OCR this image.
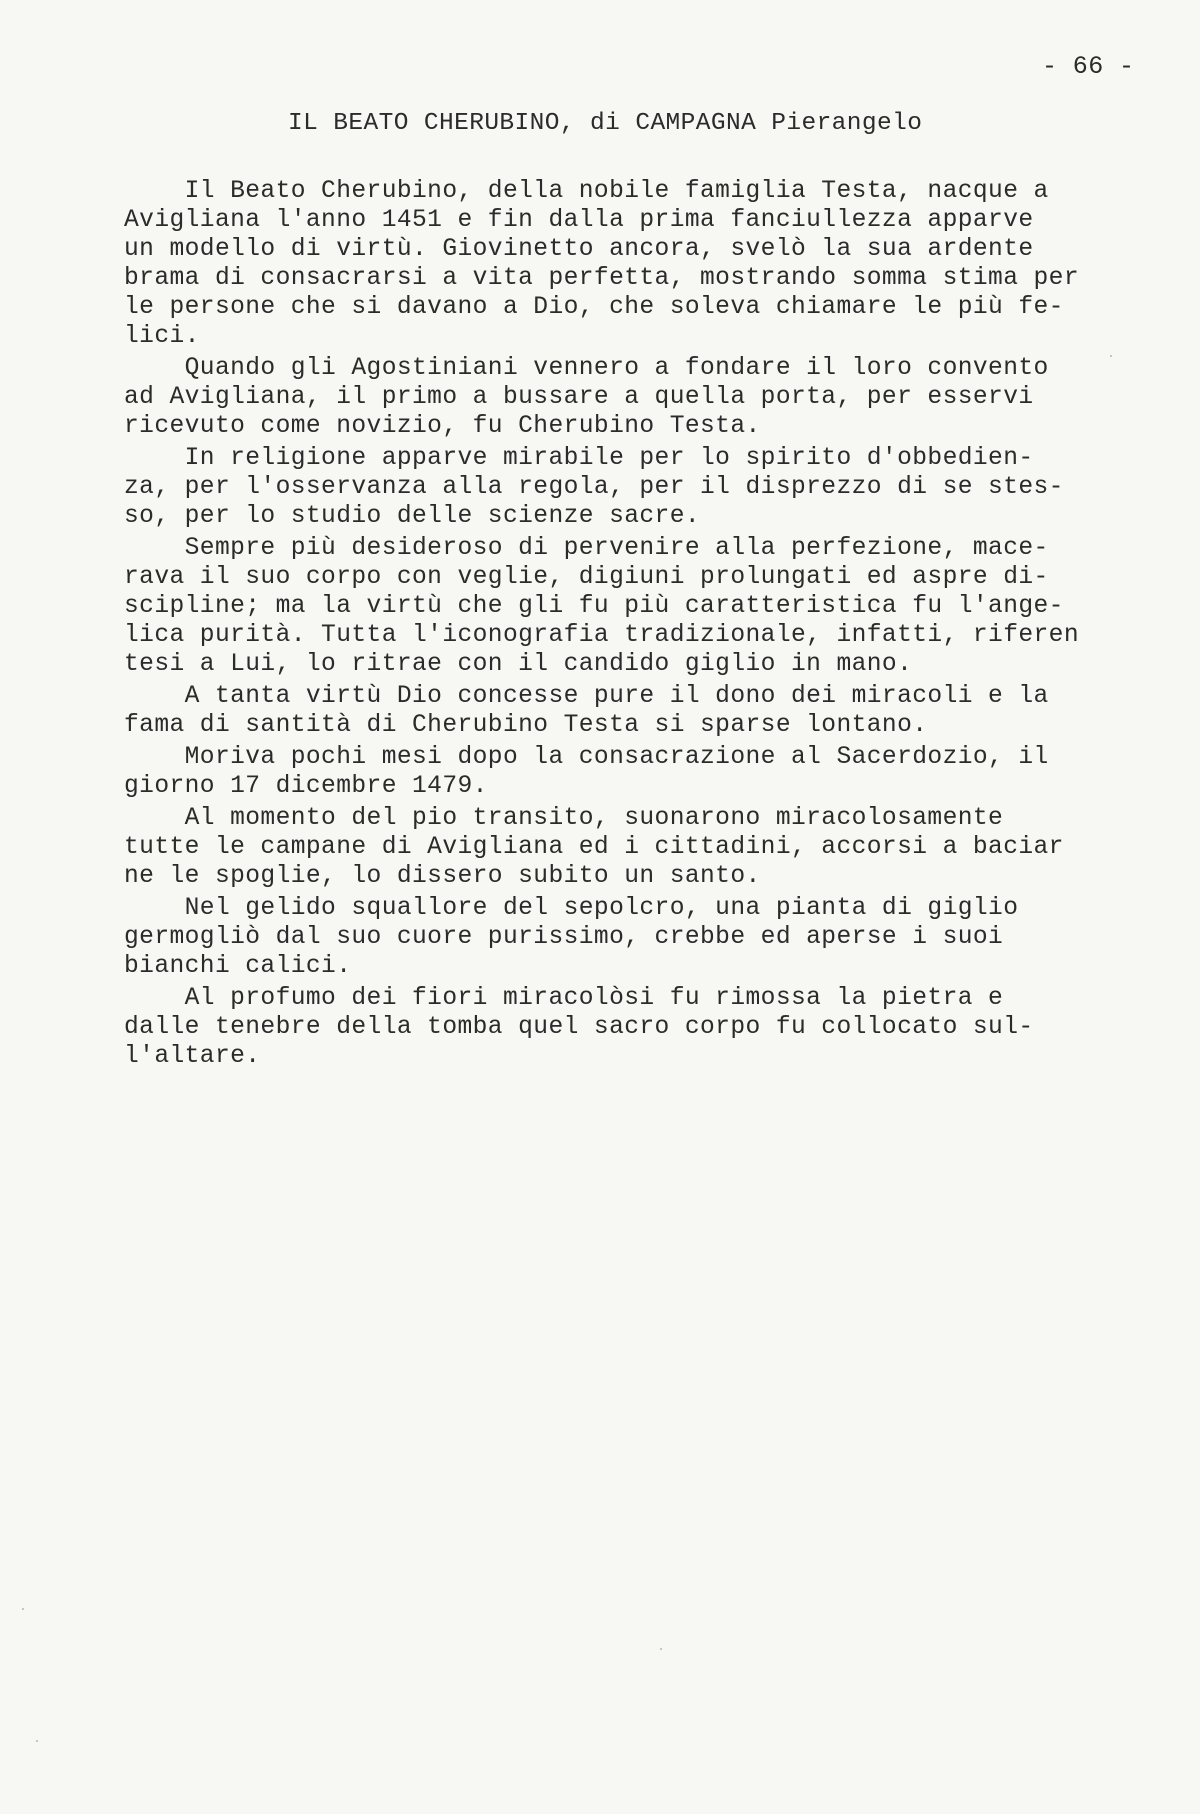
- 66 -
IL BEATO CHERUBINO, di CAMPAGNA Pierangelo
Il Beato Cherubino, della nobile famiglia Testa, nacque a
Avigliana l'anno 1451 e fin dalla prima fanciullezza apparve
un modello di virtù. Giovinetto ancora, svelò la sua ardente
brama di consacrarsi a vita perfetta, mostrando somma stima per
le persone che si davano a Dio, che soleva chiamare le più fe-
lici.
Quando gli Agostiniani vennero a fondare il loro convento
ad Avigliana, il primo a bussare a quella porta, per esservi
ricevuto come novizio, fu Cherubino Testa.
In religione apparve mirabile per lo spirito d'obbedien-
za, per l'osservanza alla regola, per il disprezzo di se stes-
so, per lo studio delle scienze sacre.
Sempre più desideroso di pervenire alla perfezione, mace-
rava il suo corpo con veglie, digiuni prolungati ed aspre di-
scipline; ma la virtù che gli fu più caratteristica fu l'ange-
lica purità. Tutta l'iconografia tradizionale, infatti, riferen
tesi a Lui, lo ritrae con il candido giglio in mano.
A tanta virtù Dio concesse pure il dono dei miracoli e la
fama di santità di Cherubino Testa si sparse lontano.
Moriva pochi mesi dopo la consacrazione al Sacerdozio, il
giorno 17 dicembre 1479.
Al momento del pio transito, suonarono miracolosamente
tutte le campane di Avigliana ed i cittadini, accorsi a baciar
ne le spoglie, lo dissero subito un santo.
Nel gelido squallore del sepolcro, una pianta di giglio
germogliò dal suo cuore purissimo, crebbe ed aperse i suoi
bianchi calici.
Al profumo dei fiori miracolòsi fu rimossa la pietra e
dalle tenebre della tomba quel sacro corpo fu collocato sul-
l'altare.
